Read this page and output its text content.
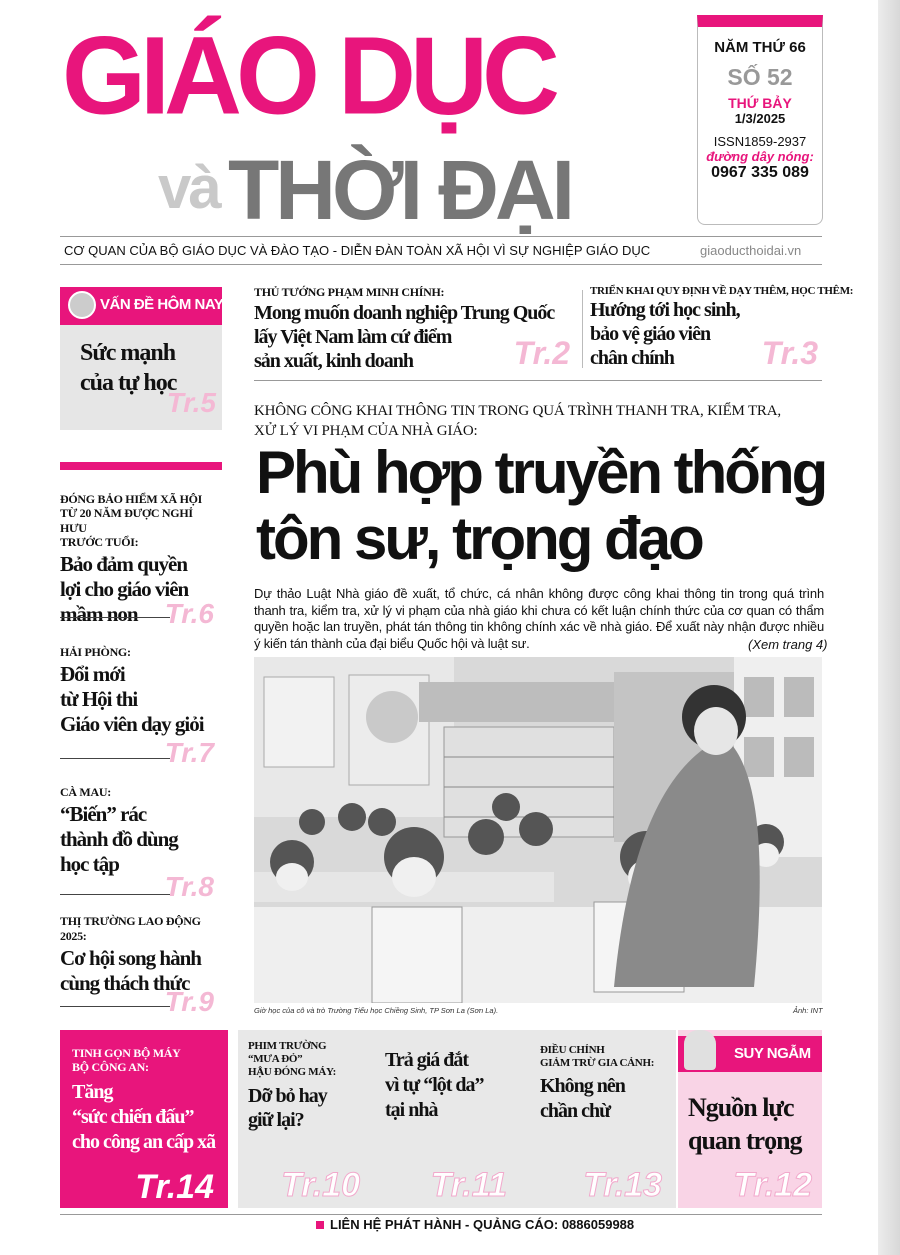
GIÁO DỤC
và THỜI ĐẠI
NĂM THỨ 66
SỐ 52
THỨ BẢY
1/3/2025
ISSN1859-2937
đường dây nóng:
0967 335 089
CƠ QUAN CỦA BỘ GIÁO DỤC VÀ ĐÀO TẠO - DIỄN ĐÀN TOÀN XÃ HỘI VÌ SỰ NGHIỆP GIÁO DỤC	giaoducthoidai.vn
VẤN ĐỀ HÔM NAY
Sức mạnh
của tự học
Tr.5
ĐÓNG BẢO HIỂM XÃ HỘI
TỪ 20 NĂM ĐƯỢC NGHỈ HƯU
TRƯỚC TUỔI:
Bảo đảm quyền
lợi cho giáo viên
mầm non Tr.6
HẢI PHÒNG:
Đổi mới
từ Hội thi
Giáo viên dạy giỏi
Tr.7
CÀ MAU:
“Biến” rác
thành đồ dùng
học tập
Tr.8
THỊ TRƯỜNG LAO ĐỘNG 2025:
Cơ hội song hành
cùng thách thức
Tr.9
THỦ TƯỚNG PHẠM MINH CHÍNH:
Mong muốn doanh nghiệp Trung Quốc
lấy Việt Nam làm cứ điểm
sản xuất, kinh doanh	Tr.2
TRIỂN KHAI QUY ĐỊNH VỀ DẠY THÊM, HỌC THÊM:
Hướng tới học sinh,
bảo vệ giáo viên
chân chính	Tr.3
KHÔNG CÔNG KHAI THÔNG TIN TRONG QUÁ TRÌNH THANH TRA, KIỂM TRA,
XỬ LÝ VI PHẠM CỦA NHÀ GIÁO:
Phù hợp truyền thống
tôn sư, trọng đạo
Dự thảo Luật Nhà giáo đề xuất, tổ chức, cá nhân không được công khai thông tin trong quá trình thanh tra, kiểm tra, xử lý vi phạm của nhà giáo khi chưa có kết luận chính thức của cơ quan có thẩm quyền hoặc lan truyền, phát tán thông tin không chính xác về nhà giáo. Để xuất này nhận được nhiều ý kiến tán thành của đại biểu Quốc hội và luật sư.	(Xem trang 4)
Giờ học của cô và trò Trường Tiểu học Chiềng Sinh, TP Sơn La (Sơn La).	Ảnh: INT
TINH GỌN BỘ MÁY
BỘ CÔNG AN:
Tăng
“sức chiến đấu”
cho công an cấp xã
Tr.14
PHIM TRƯỜNG
“MƯA ĐỎ”
HẬU ĐÓNG MÁY:
Dỡ bỏ hay
giữ lại?
Tr.10
Trả giá đắt
vì tự “lột da”
tại nhà
Tr.11
ĐIỀU CHỈNH
GIẢM TRỪ GIA CẢNH:
Không nên
chần chừ
Tr.13
SUY NGẪM
Nguồn lực
quan trọng
Tr.12
LIÊN HỆ PHÁT HÀNH - QUẢNG CÁO: 0886059988
